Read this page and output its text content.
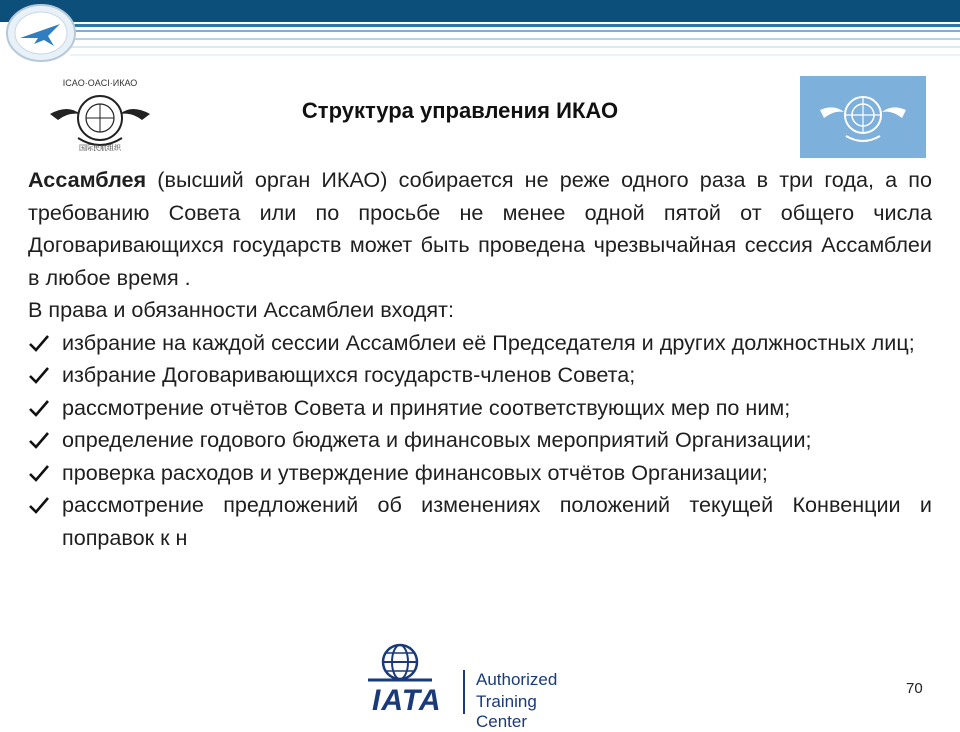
ICAO·OACI·ИКАО
国际民航组织
Структура управления ИКАО

Ассамблея (высший орган ИКАО) собирается не реже одного раза в три года, а по требованию Совета или по просьбе не менее одной пятой от общего числа Договаривающихся государств может быть проведена чрезвычайная сессия Ассамблеи в любое время .

В права и обязанности Ассамблеи входят:

избрание на каждой сессии Ассамблеи её Председателя и других должностных лиц;
избрание Договаривающихся государств-членов Совета;
рассмотрение отчётов Совета и принятие соответствующих мер по ним;
определение годового бюджета и финансовых мероприятий Организации;
проверка расходов и утверждение финансовых отчётов Организации;
рассмотрение предложений об изменениях положений текущей Конвенции и поправок к н
IATA
Authorized
Training Center
70
